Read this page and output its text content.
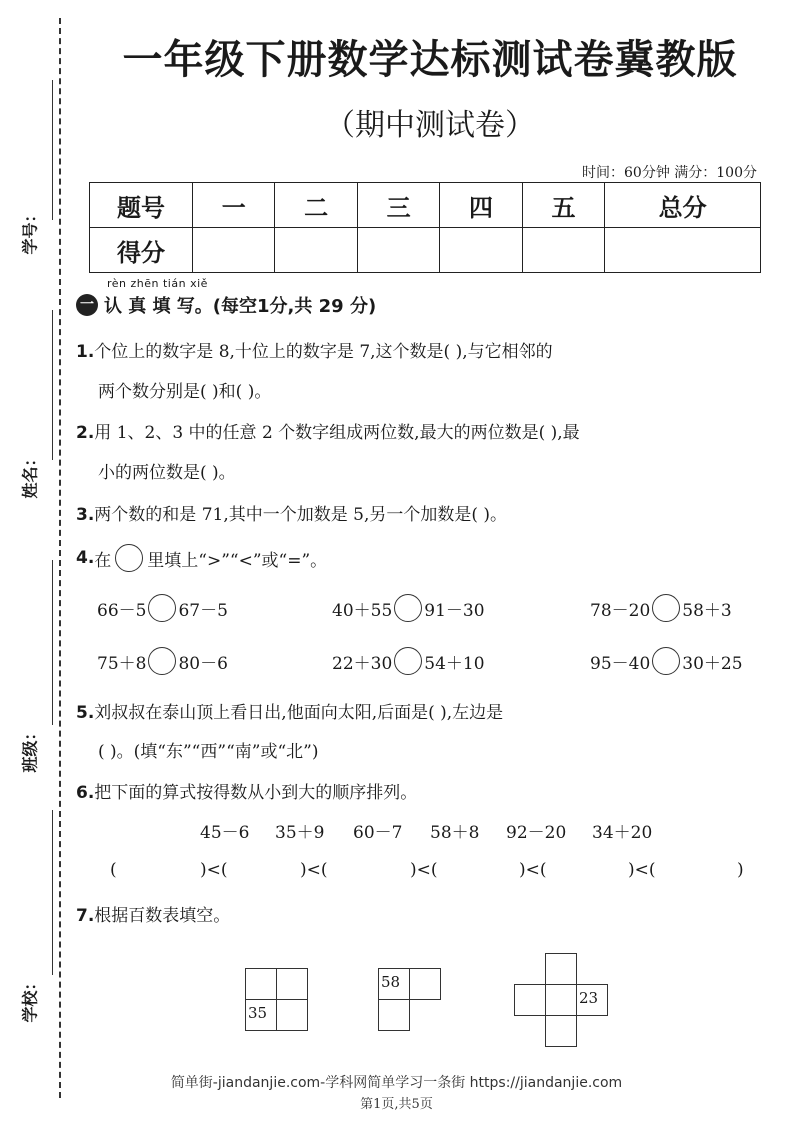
学号：
姓名：
班级：
学校：
一年级下册数学达标测试卷冀教版
（期中测试卷）
时间：60分钟 满分：100分
题号	一	二	三	四	五	总分
得分						
rèn zhēn tián xiě
一 认 真 填 写。(每空1分,共 29 分)
1.个位上的数字是 8,十位上的数字是 7,这个数是( ),与它相邻的
两个数分别是( )和( )。
2.用 1、2、3 中的任意 2 个数字组成两位数,最大的两位数是( ),最
小的两位数是( )。
3.两个数的和是 71,其中一个加数是 5,另一个加数是( )。
4. 在 里填上“>”“<”或“=”。
66－5 67－5	40＋55 91－30	78－20 58＋3
75＋8 80－6	22＋30 54＋10	95－40 30＋25
5.刘叔叔在泰山顶上看日出,他面向太阳,后面是( ),左边是
( )。(填“东”“西”“南”或“北”)
6.把下面的算式按得数从小到大的顺序排列。
45－6 35＋9 60－7 58＋8 92－20 34＋20
(	)<(	)<(	)<(	)<(	)<(	)
7.根据百数表填空。
35
58
23
简单街-jiandanjie.com-学科网简单学习一条街 https://jiandanjie.com
第1页,共5页
